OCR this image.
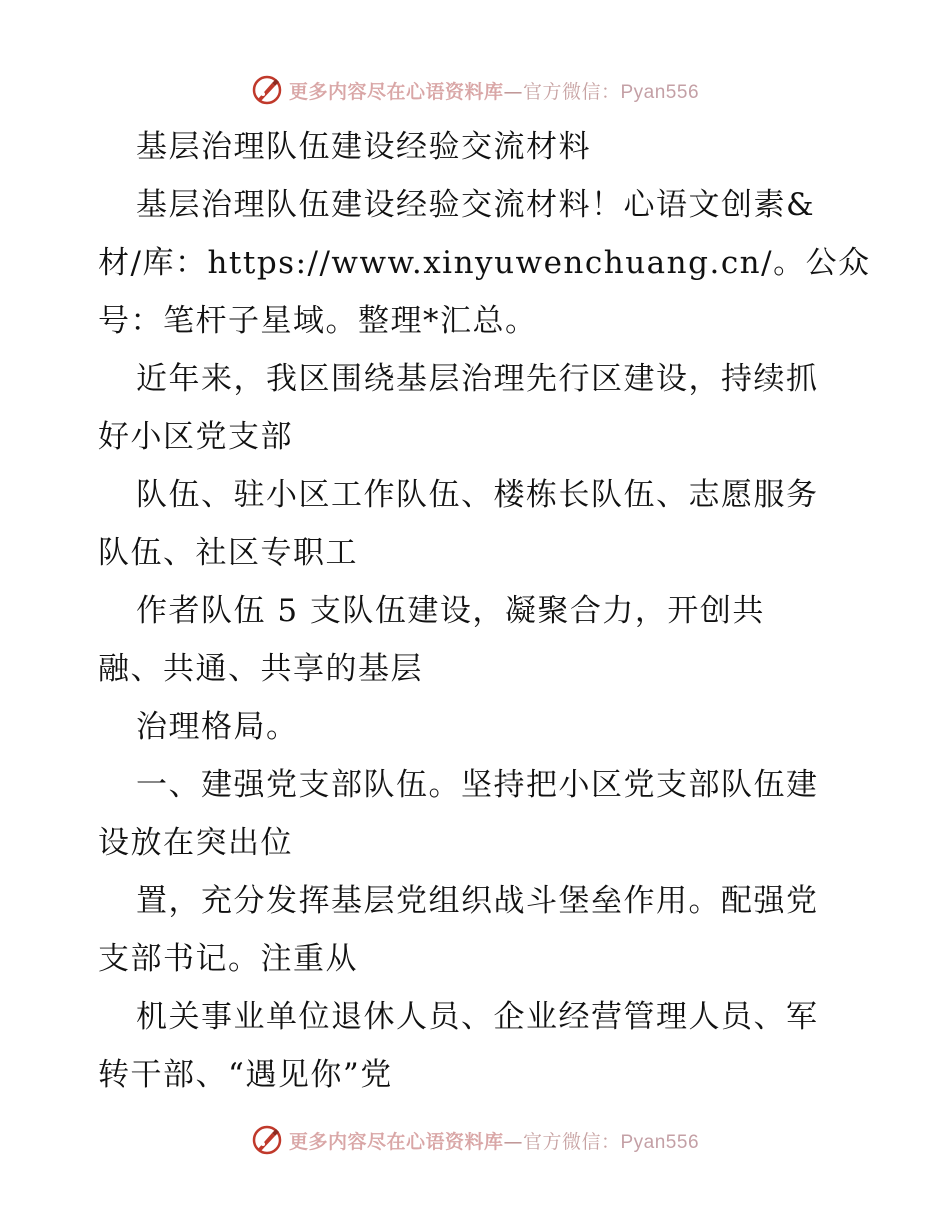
更多内容尽在心语资料库—官方微信：Pyan556
基层治理队伍建设经验交流材料
基层治理队伍建设经验交流材料！心语文创素&
材/库：https://www.xinyuwenchuang.cn/。公众
号：笔杆子星域。整理*汇总。
近年来，我区围绕基层治理先行区建设，持续抓
好小区党支部
队伍、驻小区工作队伍、楼栋长队伍、志愿服务
队伍、社区专职工
作者队伍 5 支队伍建设，凝聚合力，开创共
融、共通、共享的基层
治理格局。
一、建强党支部队伍。坚持把小区党支部队伍建
设放在突出位
置，充分发挥基层党组织战斗堡垒作用。配强党
支部书记。注重从
机关事业单位退休人员、企业经营管理人员、军
转干部、“遇见你”党
更多内容尽在心语资料库—官方微信：Pyan556
